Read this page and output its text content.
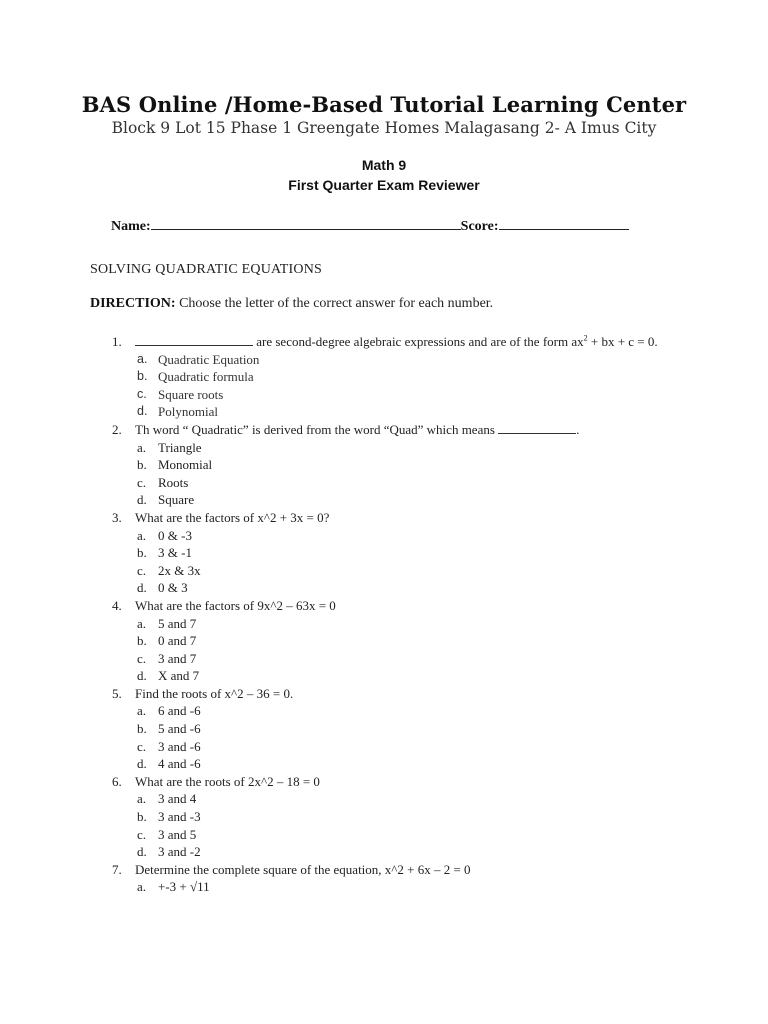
BAS Online /Home-Based Tutorial Learning Center
Block 9 Lot 15 Phase 1 Greengate Homes Malagasang 2- A Imus City
Math 9
First Quarter Exam Reviewer
Name:	Score:
SOLVING QUADRATIC EQUATIONS
DIRECTION: Choose the letter of the correct answer for each number.
1.	are second-degree algebraic expressions and are of the form $ax^2$ + bx + c = 0.
a. Quadratic Equation
b. Quadratic formula
c. Square roots
d. Polynomial
2. Th word “ Quadratic” is derived from the word “Quad” which means	.
a. Triangle
b. Monomial
c. Roots
d. Square
3. What are the factors of x^2 + 3x = 0?
a. 0 & -3
b. 3 & -1
c. 2x & 3x
d. 0 & 3
4. What are the factors of 9x^2 – 63x = 0
a. 5 and 7
b. 0 and 7
c. 3 and 7
d. X and 7
5. Find the roots of x^2 – 36 = 0.
a. 6 and -6
b. 5 and -6
c. 3 and -6
d. 4 and -6
6. What are the roots of 2x^2 – 18 = 0
a. 3 and 4
b. 3 and -3
c. 3 and 5
d. 3 and -2
7. Determine the complete square of the equation, x^2 + 6x – 2 = 0
a. +-3 + √11
